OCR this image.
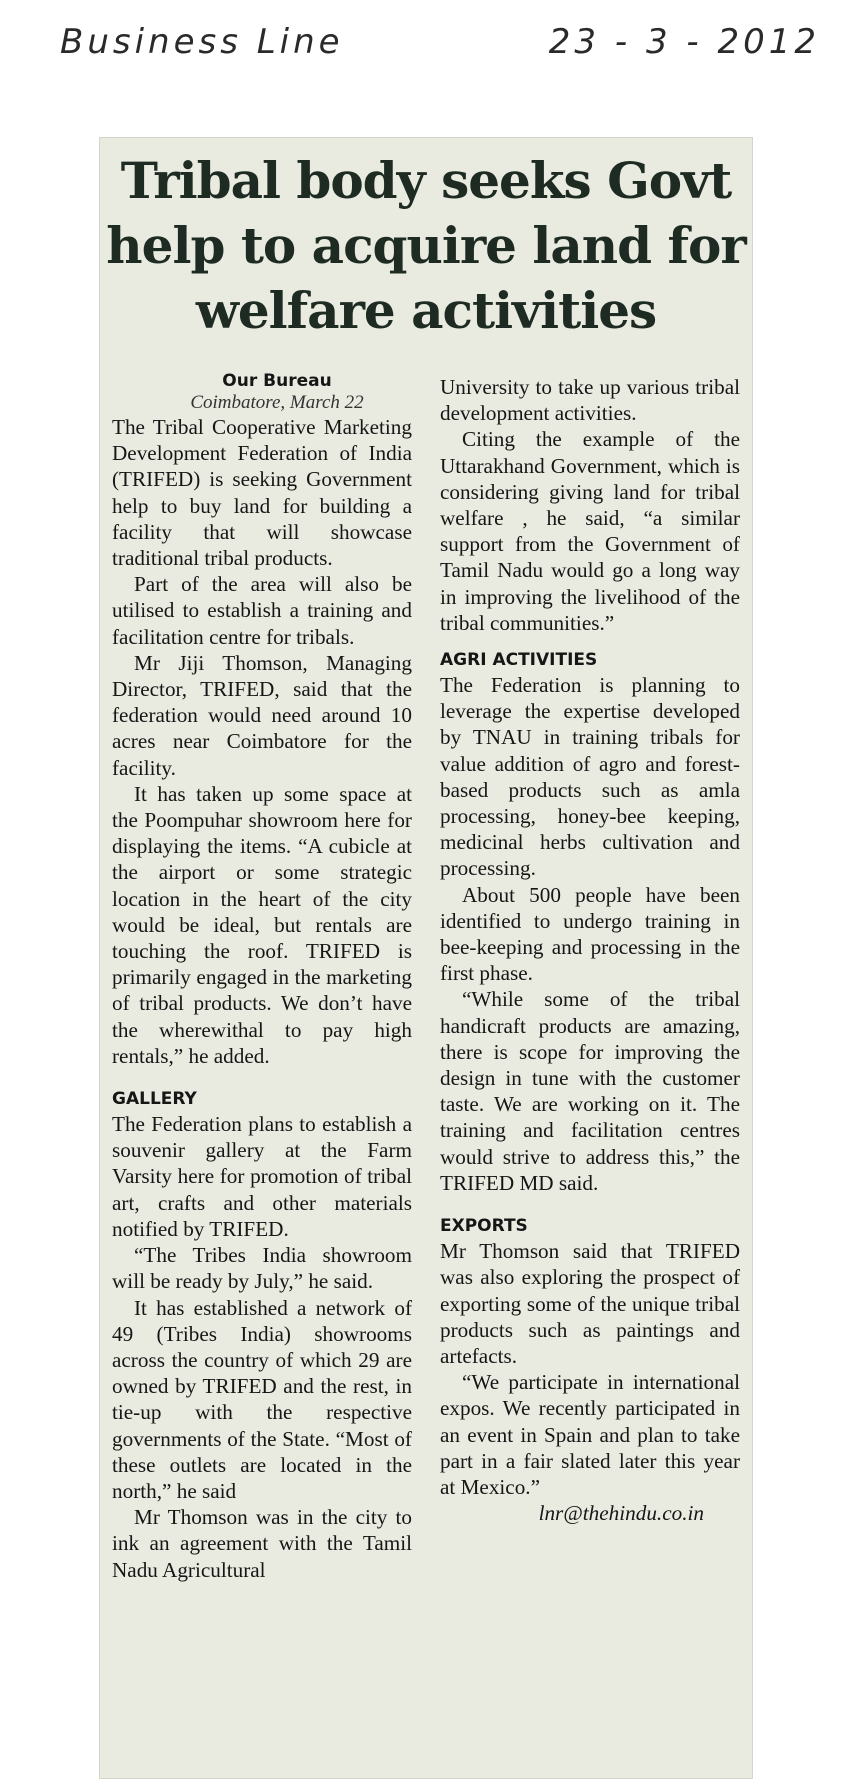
Business Line	23 - 3 - 2012
Tribal body seeks Govt help to acquire land for welfare activities
Our Bureau
Coimbatore, March 22

The Tribal Cooperative Marketing Development Federation of India (TRIFED) is seeking Government help to buy land for building a facility that will showcase traditional tribal products.

Part of the area will also be utilised to establish a training and facilitation centre for tribals.

Mr Jiji Thomson, Managing Director, TRIFED, said that the federation would need around 10 acres near Coimbatore for the facility.

It has taken up some space at the Poompuhar showroom here for displaying the items. “A cubicle at the airport or some strategic location in the heart of the city would be ideal, but rentals are touching the roof. TRIFED is primarily engaged in the marketing of tribal products. We don’t have the wherewithal to pay high rentals,” he added.

GALLERY

The Federation plans to establish a souvenir gallery at the Farm Varsity here for promotion of tribal art, crafts and other materials notified by TRIFED.

“The Tribes India showroom will be ready by July,” he said.

It has established a network of 49 (Tribes India) showrooms across the country of which 29 are owned by TRIFED and the rest, in tie-up with the respective governments of the State. “Most of these outlets are located in the north,” he said

Mr Thomson was in the city to ink an agreement with the Tamil Nadu Agricultural

University to take up various tribal development activities.

Citing the example of the Uttarakhand Government, which is considering giving land for tribal welfare , he said, “a similar support from the Government of Tamil Nadu would go a long way in improving the livelihood of the tribal communities.”

AGRI ACTIVITIES

The Federation is planning to leverage the expertise developed by TNAU in training tribals for value addition of agro and forest-based products such as amla processing, honey-bee keeping, medicinal herbs cultivation and processing.

About 500 people have been identified to undergo training in bee-keeping and processing in the first phase.

“While some of the tribal handicraft products are amazing, there is scope for improving the design in tune with the customer taste. We are working on it. The training and facilitation centres would strive to address this,” the TRIFED MD said.

EXPORTS

Mr Thomson said that TRIFED was also exploring the prospect of exporting some of the unique tribal products such as paintings and artefacts.

“We participate in international expos. We recently participated in an event in Spain and plan to take part in a fair slated later this year at Mexico.”

lnr@thehindu.co.in
